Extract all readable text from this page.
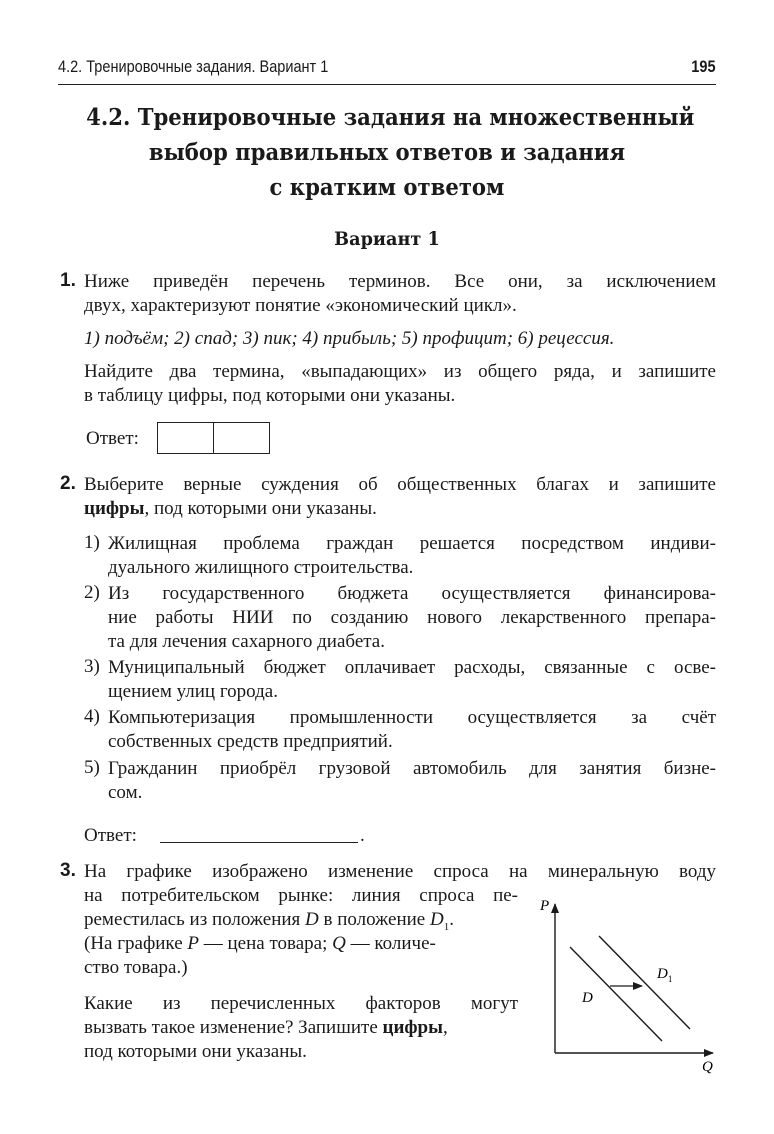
4.2. Тренировочные задания. Вариант 1	195
4.2. Тренировочные задания на множественный
выбор правильных ответов и задания
с кратким ответом
Вариант 1
1. Ниже приведён перечень терминов. Все они, за исключением
двух, характеризуют понятие «экономический цикл».
1) подъём; 2) спад; 3) пик; 4) прибыль; 5) профицит; 6) рецессия.
Найдите два термина, «выпадающих» из общего ряда, и запишите
в таблицу цифры, под которыми они указаны.
Ответ:
2. Выберите верные суждения об общественных благах и запишите
цифры, под которыми они указаны.
1) Жилищная проблема граждан решается посредством индиви-
дуального жилищного строительства.
2) Из государственного бюджета осуществляется финансирова-
ние работы НИИ по созданию нового лекарственного препара-
та для лечения сахарного диабета.
3) Муниципальный бюджет оплачивает расходы, связанные с осве-
щением улиц города.
4) Компьютеризация промышленности осуществляется за счёт
собственных средств предприятий.
5) Гражданин приобрёл грузовой автомобиль для занятия бизне-
сом.
Ответ:	.
3. На графике изображено изменение спроса на минеральную воду
на потребительском рынке: линия спроса пе-
реместилась из положения D в положение $D_1$.
(На графике P — цена товара; Q — количе-
ство товара.)
Какие из перечисленных факторов могут
вызвать такое изменение? Запишите цифры,
под которыми они указаны.
P
Q
D
$D_1$
